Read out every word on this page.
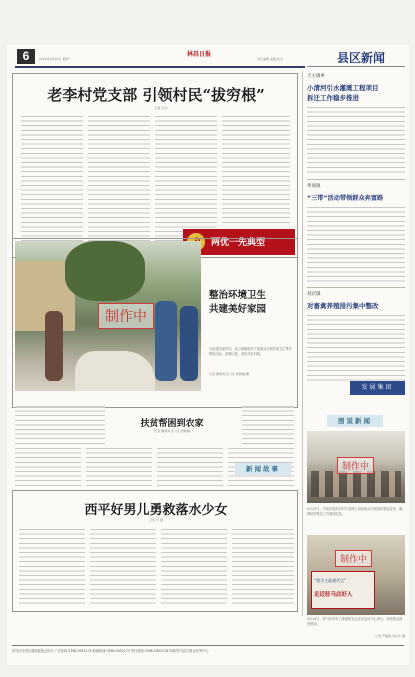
6	2016年9月26日 星期一
林昌日报
责任编辑 美编 校对	县区新闻
老李村党支部 引领村民“拔穷根”
记者 张伟
两优一先典型
制作中
整治环境卫生
共建美好家园
为创建美丽乡村，近日该镇组织干部群众开展环境卫生集中整治活动，清理垃圾，美化村容村貌。
记者 魏明鸿 实习生 郑晓琳 摄
扶贫帮困到农家
记者 魏鸿鸿 实习生 郑晓琳
西平好男儿勇救落水少女
记者 于 刚
天主镇乡
小清河引水灌溉工程项目
拆迁工作稳步推进
黄岗镇
“三带”活动带领群众奔富路
刘店镇
对畜禽养殖排污集中整改
发展集团
图说新闻
新闻故事	制作中
9月25日，芦庙乡组织乡村干部深入田间地头开展秸秆禁烧宣传，确保秸秆禁烧工作落到实处。
“我为主政建代言”
走近驻马店好人
制作中
9月24日，驻马店市好人事迹报告会在县会议中心举行，现场观众深受感动。
记者 严镇强 刘永芳 摄
驻马店市老区建设促进会协办 广告热线 0396-5952175 新闻热线 0396-5952173 发行热线 0396-5952178 印刷 驻马店日报社印务中心
